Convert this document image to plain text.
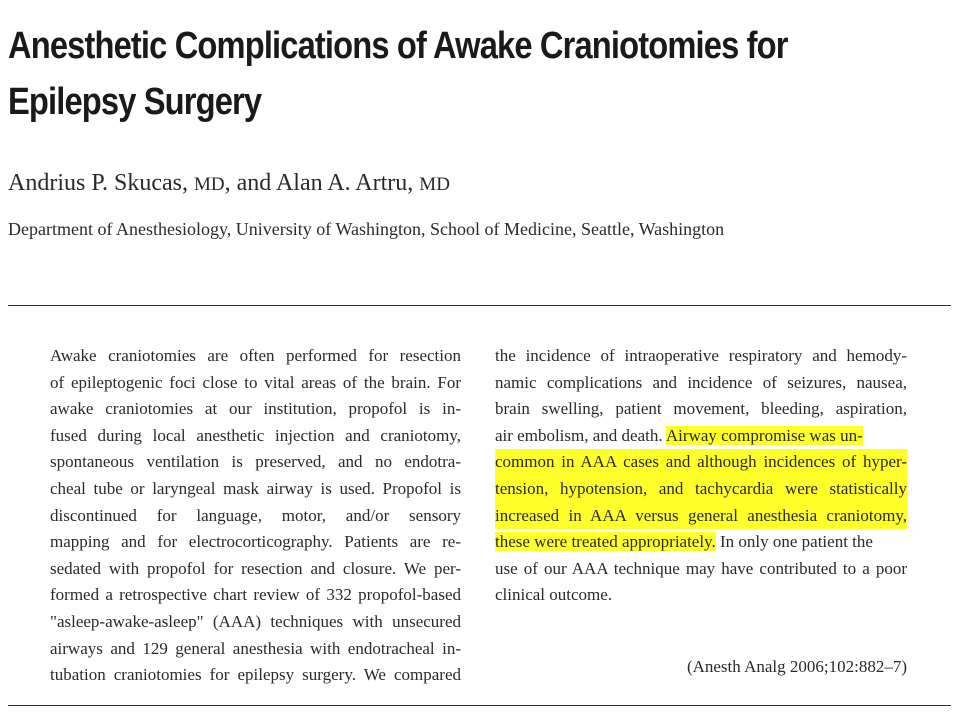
Anesthetic Complications of Awake Craniotomies for
Epilepsy Surgery
Andrius P. Skucas, MD, and Alan A. Artru, MD
Department of Anesthesiology, University of Washington, School of Medicine, Seattle, Washington
Awake craniotomies are often performed for resection
of epileptogenic foci close to vital areas of the brain. For
awake craniotomies at our institution, propofol is in-
fused during local anesthetic injection and craniotomy,
spontaneous ventilation is preserved, and no endotra-
cheal tube or laryngeal mask airway is used. Propofol is
discontinued for language, motor, and/or sensory
mapping and for electrocorticography. Patients are re-
sedated with propofol for resection and closure. We per-
formed a retrospective chart review of 332 propofol-based
"asleep-awake-asleep" (AAA) techniques with unsecured
airways and 129 general anesthesia with endotracheal in-
tubation craniotomies for epilepsy surgery. We compared
the incidence of intraoperative respiratory and hemody-
namic complications and incidence of seizures, nausea,
brain swelling, patient movement, bleeding, aspiration,
air embolism, and death. Airway compromise was un-
common in AAA cases and although incidences of hyper-
tension, hypotension, and tachycardia were statistically
increased in AAA versus general anesthesia craniotomy,
these were treated appropriately. In only one patient the
use of our AAA technique may have contributed to a poor
clinical outcome.
(Anesth Analg 2006;102:882–7)
